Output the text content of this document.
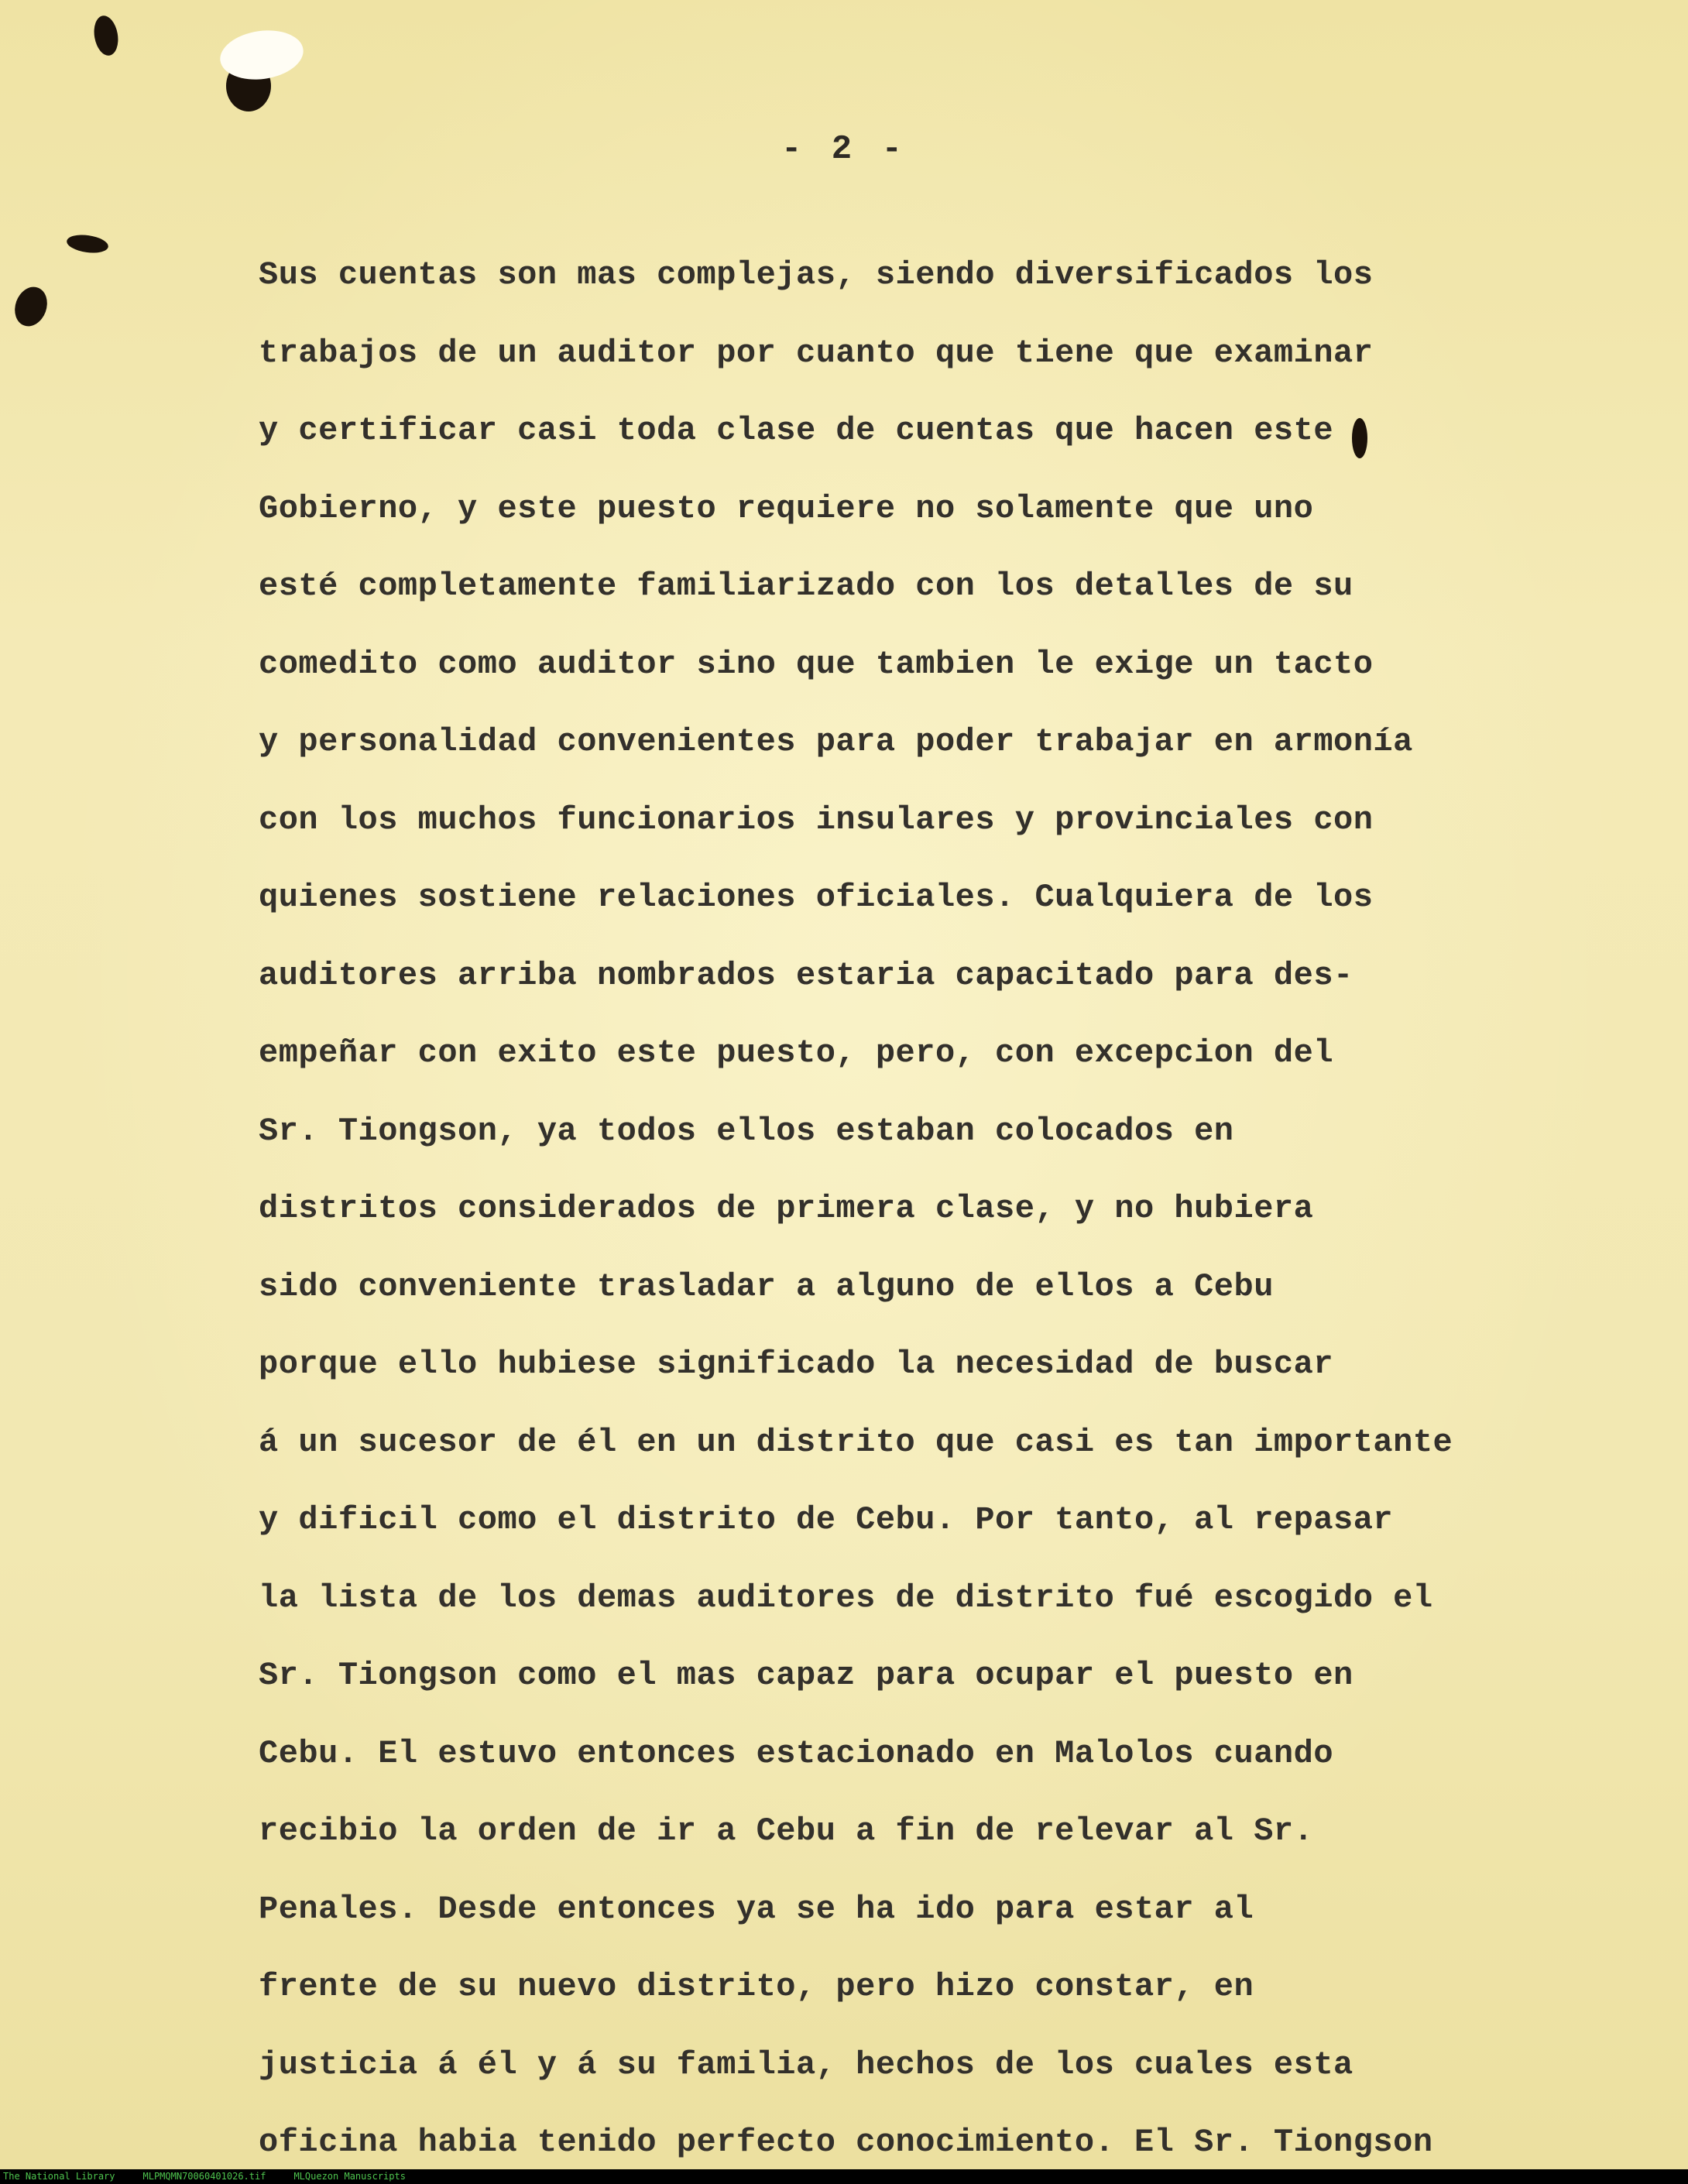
- 2 -

Sus cuentas son mas complejas, siendo diversificados los
trabajos de un auditor por cuanto que tiene que examinar
y certificar casi toda clase de cuentas que hacen este
Gobierno, y este puesto requiere no solamente que uno
esté completamente familiarizado con los detalles de su
comedito como auditor sino que tambien le exige un tacto
y personalidad convenientes para poder trabajar en armonía
con los muchos funcionarios insulares y provinciales con
quienes sostiene relaciones oficiales. Cualquiera de los
auditores arriba nombrados estaria capacitado para des-
empeñar con exito este puesto, pero, con excepcion del
Sr. Tiongson, ya todos ellos estaban colocados en
distritos considerados de primera clase, y no hubiera
sido conveniente trasladar a alguno de ellos a Cebu
porque ello hubiese significado la necesidad de buscar
á un sucesor de él en un distrito que casi es tan importante
y dificil como el distrito de Cebu. Por tanto, al repasar
la lista de los demas auditores de distrito fué escogido el
Sr. Tiongson como el mas capaz para ocupar el puesto en
Cebu. El estuvo entonces estacionado en Malolos cuando
recibio la orden de ir a Cebu a fin de relevar al Sr.
Penales. Desde entonces ya se ha ido para estar al
frente de su nuevo distrito, pero hizo constar, en
justicia á él y á su familia, hechos de los cuales esta
oficina habia tenido perfecto conocimiento. El Sr. Tiongson
The National Library	MLPMQMN70060401026.tif	MLQuezon Manuscripts
